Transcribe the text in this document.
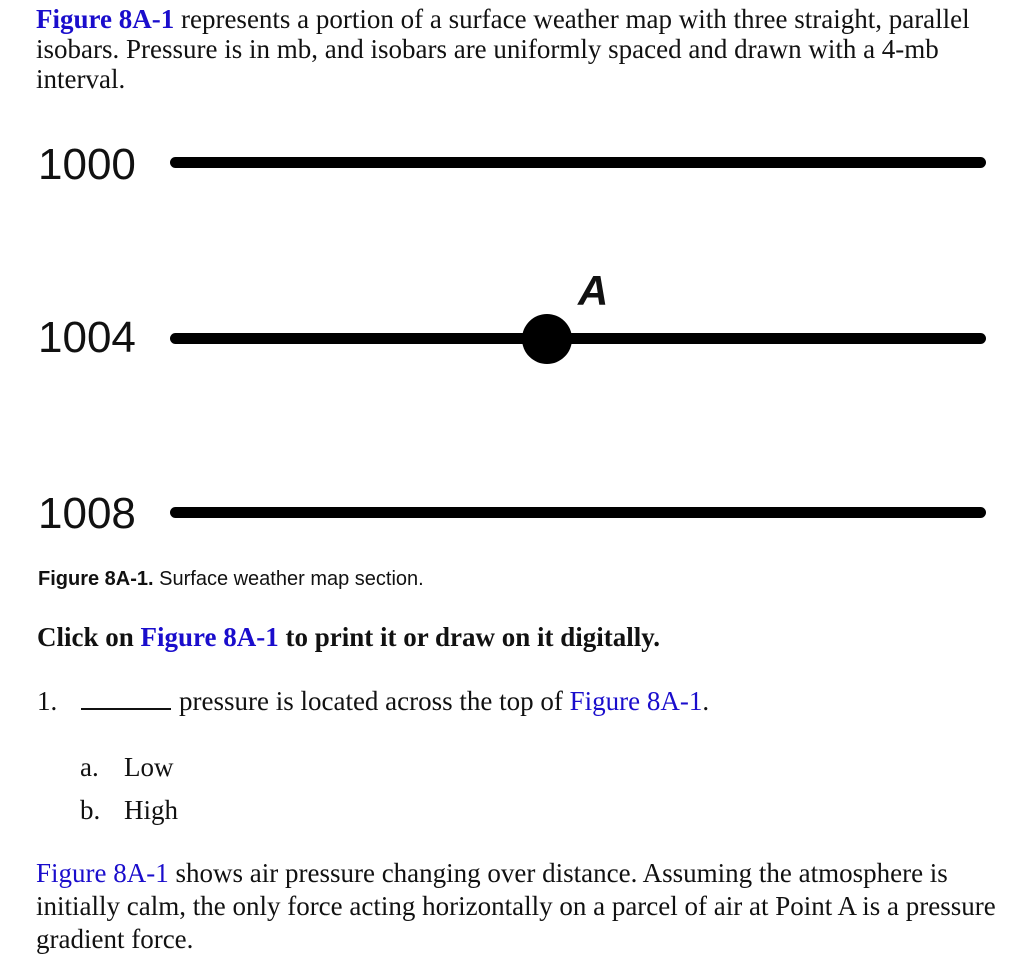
Figure 8A-1 represents a portion of a surface weather map with three straight, parallel isobars. Pressure is in mb, and isobars are uniformly spaced and drawn with a 4-mb interval.

1000
A
1004
1008

Figure 8A-1. Surface weather map section.

Click on Figure 8A-1 to print it or draw on it digitally.

1.	pressure is located across the top of Figure 8A-1.

a. Low

b. High

Figure 8A-1 shows air pressure changing over distance. Assuming the atmosphere is initially calm, the only force acting horizontally on a parcel of air at Point A is a pressure gradient force.
